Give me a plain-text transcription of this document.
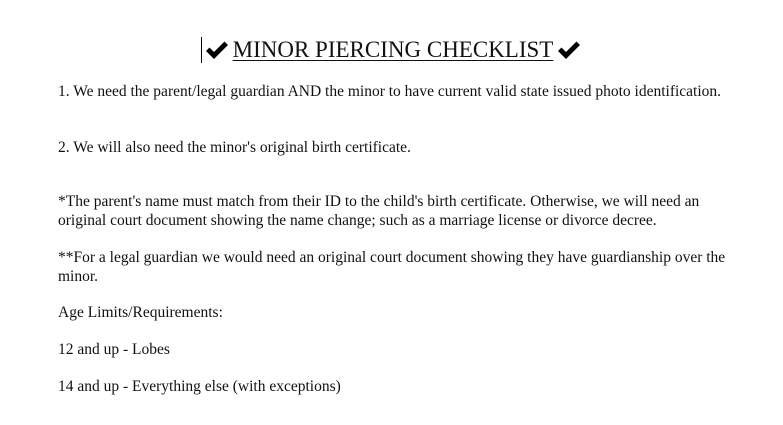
MINOR PIERCING CHECKLIST

1. We need the parent/legal guardian AND the minor to have current valid state issued photo identification.

2. We will also need the minor's original birth certificate.

*The parent's name must match from their ID to the child's birth certificate. Otherwise, we will need an original court document showing the name change; such as a marriage license or divorce decree.

**For a legal guardian we would need an original court document showing they have guardianship over the minor.

Age Limits/Requirements:

12 and up - Lobes

14 and up - Everything else (with exceptions)
